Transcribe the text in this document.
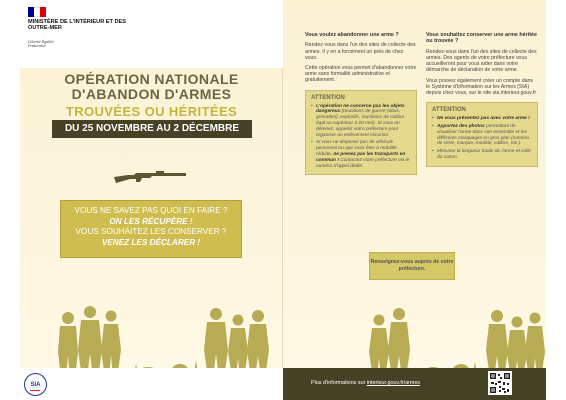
MINISTÈRE DE L'INTÉRIEUR ET DES OUTRE-MER
Liberté Égalité Fraternité
OPÉRATION NATIONALE
D'ABANDON D'ARMES
TROUVÉES OU HÉRITÉES
DU 25 NOVEMBRE AU 2 DÉCEMBRE
VOUS NE SAVEZ PAS QUOI EN FAIRE ?
ON LES RÉCUPÈRE !
VOUS SOUHAITEZ LES CONSERVER ?
VENEZ LES DÉCLARER !
SIA
Vous voulez abandonner une arme ?
Rendez-vous dans l'un des sites de collecte des armes. Il y en a forcément un près de chez vous.
Cette opération vous permet d'abandonner votre arme sans formalité administrative et gratuitement.
ATTENTION
• L'opération ne concerne pas les objets dangereux (munitions de guerre (obus, grenades), explosifs, munitions de calibre égal ou supérieur à 20 mm). Si vous en détenez, appelez votre préfecture pour organiser un enlèvement sécurisé.
• Si vous ne disposez pas de véhicule personnel ou que vous êtes à mobilité réduite, ne prenez pas les transports en commun ! Contactez votre préfecture via le numéro d'appel dédié.
Vous souhaitez conserver une arme héritée ou trouvée ?
Rendez-vous dans l'un des sites de collecte des armes. Des agents de votre préfecture vous accueilleront pour vous aider dans votre démarche de déclaration de votre arme.
Vous pouvez également créer un compte dans le Système d'Information sur les Armes (SIA) depuis chez vous, sur le site sia.interieur.gouv.fr
ATTENTION
• Ne vous présentez pas avec votre arme !
• Apportez des photos permettant de visualiser l'arme dans son ensemble et les différents marquages en gros plan (numéro de série, marque, modèle, calibre, etc.).
• Mesurez la longueur totale de l'arme et celle du canon.
Renseignez-vous auprès de votre préfecture.
Plus d'informations sur interieur.gouv.fr/armes
